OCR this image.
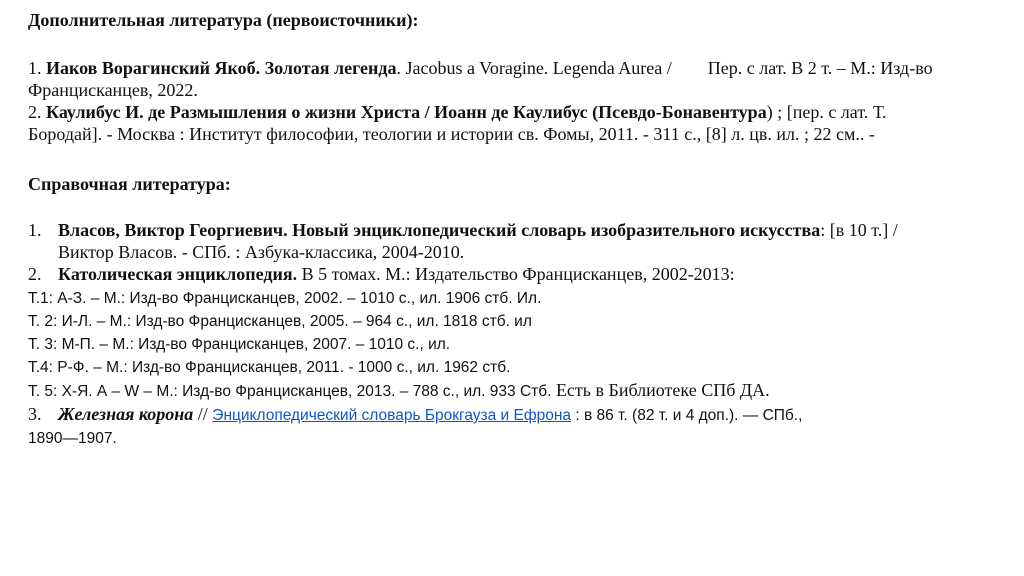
Дополнительная литература (первоисточники):
1. Иаков Ворагинский Якоб. Золотая легенда. Jacobus a Voragine. Legenda Aurea / Пер. с лат. В 2 т. – М.: Изд-во
Францисканцев, 2022.
2. Каулибус И. де Размышления о жизни Христа / Иоанн де Каулибус (Псевдо-Бонавентура) ; [пер. с лат. Т.
Бородай]. - Москва : Институт философии, теологии и истории св. Фомы, 2011. - 311 с., [8] л. цв. ил. ; 22 см.. -
Справочная литература:
1. Власов, Виктор Георгиевич. Новый энциклопедический словарь изобразительного искусства: [в 10 т.] /
Виктор Власов. - СПб. : Азбука-классика, 2004-2010.
2. Католическая энциклопедия. В 5 томах. М.: Издательство Францисканцев, 2002-2013:
Т.1: А-З. – М.: Изд-во Францисканцев, 2002. – 1010 с., ил. 1906 стб. Ил.
Т. 2: И-Л. – М.: Изд-во Францисканцев, 2005. – 964 с., ил. 1818 стб. ил
Т. 3: М-П. – М.: Изд-во Францисканцев, 2007. – 1010 с., ил.
Т.4: Р-Ф. – М.: Изд-во Францисканцев, 2011. - 1000 с., ил. 1962 стб.
Т. 5: Х-Я. А – W – М.: Изд-во Францисканцев, 2013. – 788 с., ил. 933 Стб. Есть в Библиотеке СПб ДА.
3. Железная корона // Энциклопедический словарь Брокгауза и Ефрона : в 86 т. (82 т. и 4 доп.). — СПб.,
1890—1907.
